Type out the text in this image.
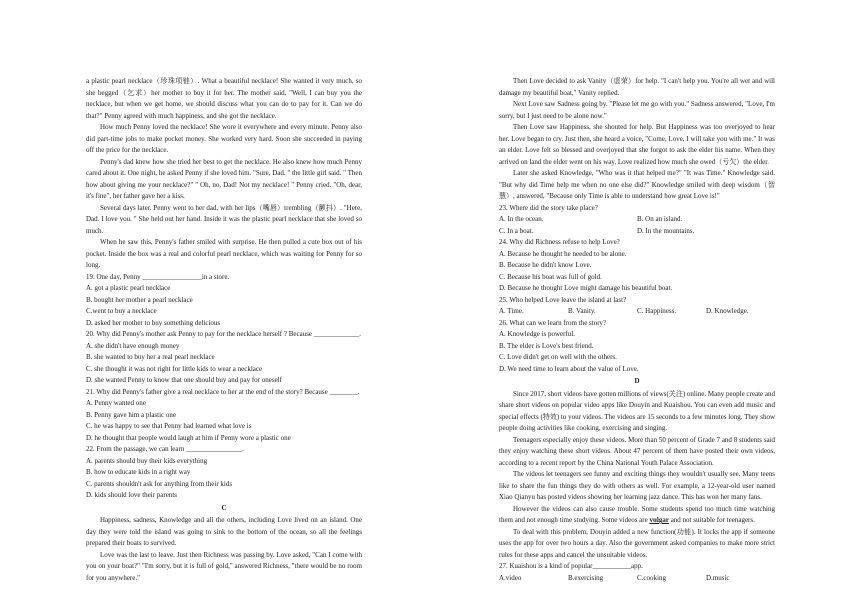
a plastic pearl necklace（珍珠项链）. What a beautiful necklace! She wanted it very much, so she begged（乞求）her mother to buy it for her. The mother said, "Well, I can buy you the necklace, but when we get home, we should discuss what you can do to pay for it. Can we do that?" Penny agreed with much happiness, and she got the necklace.

How much Penny loved the necklace! She wore it everywhere and every minute. Penny also did part-time jobs to make pocket money. She worked very hard. Soon she succeeded in paying off the price for the necklace.

Penny's dad knew how she tried her best to get the necklace. He also knew how much Penny cared about it. One night, he asked Penny if she loved him. "Sure, Dad. " the little girl said. " Then how about giving me your necklace?" " Oh, no, Dad! Not my necklace! " Penny cried. "Oh, dear, it's fine", her father gave her a kiss.

Several days later. Penny went to her dad, with her lips（嘴唇）trembling（颤抖）. "Here, Dad. I love you. " She held out her hand. Inside it was the plastic pearl necklace that she loved so much.

When he saw this, Penny's father smiled with surprise. He then pulled a cute box out of his pocket. Inside the box was a real and colorful pearl necklace, which was waiting for Penny for so long.

19. One day, Penny _________________in a store.

A. got a plastic pearl necklace

B. bought her mother a pearl necklace

C.went to buy a necklace

D. asked her mother to buy something delicious

20. Why did Penny's mother ask Penny to pay for the necklace herself ? Because _____________.

A. she didn't have enough money

B. she wanted to buy her a real pearl necklace

C. she thought it was not right for little kids to wear a necklace

D. she wanted Penny to know that one should buy and pay for oneself

21. Why did Penny's father give a real necklace to her at the end of the story? Because ________.

A. Penny wanted one

B. Penny gave him a plastic one

C. he was happy to see that Penny had learned what love is

D. he thought that people would laugh at him if Penny wore a plastic one

22. From the passage, we can learn ________________.

A. parents should buy their kids everything

B. how to educate kids in a right way

C. parents shouldn't ask for anything from their kids

D. kids should love their parents

C

Happiness, sadness, Knowledge and all the others, including Love lived on an island. One day they were told the island was going to sink to the bottom of the ocean, so all the feelings prepared their boats to survived.

Love was the last to leave. Just then Richness was passing by. Love asked, "Can I come with you on your boat?" "I'm sorry, but it is full of gold," answered Richness, "there would be no room for you anywhere."

Then Love decided to ask Vanity（虚荣）for help. "I can't help you. You're all wet and will damage my beautiful boat," Vanity replied.

Next Love saw Sadness going by. "Please let me go with you." Sadness answered, "Love, I'm sorry, but I just need to be alone now."

Then Love saw Happiness, she shouted for help. But Happiness was too overjoyed to hear her. Love began to cry. Just then, she heard a voice, "Come, Love, I will take you with me." It was an elder. Love felt so blessed and overjoyed that she forgot to ask the elder his name. When they arrived on land the elder went on his way. Love realized how much she owed（亏欠）the elder.

Later she asked Knowledge, "Who was it that helped me?" "It was Time." Knowledge said. "But why did Time help me when no one else did?" Knowledge smiled with deep wisdom（智慧）, answered, "Because only Time is able to understand how great Love is!"

23. Where did the story take place?

A. In the ocean.	B. On an island.
C. In a boat.	D. In the mountains.

24. Why did Richness refuse to help Love?

A. Because he thought he needed to be alone.

B. Because he didn't know Love.

C. Because his boat was full of gold.

D. Because he thought Love might damage his beautiful boat.

25. Who helped Love leave the island at last?

A. Time.	B. Vanity.	C. Happiness.	D. Knowledge.

26. What can we learn from the story?

A. Knowledge is powerful.

B. The elder is Love's best friend.

C. Love didn't get on well with the others.

D. We need time to learn about the value of Love.

D

Since 2017, short videos have gotten millions of views(关注) online. Many people create and share short videos on popular video apps like Douyin and Kuaishou. You can even add music and special effects (特效) to your videos. The videos are 15 seconds to a few minutes long. They show people doing activities like cooking, exercising and singing.

Teenagers especially enjoy these videos. More than 50 percent of Grade 7 and 8 students said they enjoy watching these short videos. About 47 percent of them have posted their own videos, according to a recent report by the China National Youth Palace Association.

The videos let teenagers see funny and exciting things they wouldn't usually see. Many teens like to share the fun things they do with others as well. For example, a 12-year-old user named Xiao Qianyu has posted videos showing her learning jazz dance. This has won her many fans.

However the videos can also cause trouble. Some students spend too much time watching them and not enough time studying. Some videos are vulgar and not suitable for teenagers.

To deal with this problem, Douyin added a new function(功能). It locks the app if someone uses the app for over two hours a day. Also the government asked companies to make more strict rules for these apps and cancel the unsuitable videos.

27. Kuaishou is a kind of popular___________app.

A.video	B.exercising	C.cooking	D.music
